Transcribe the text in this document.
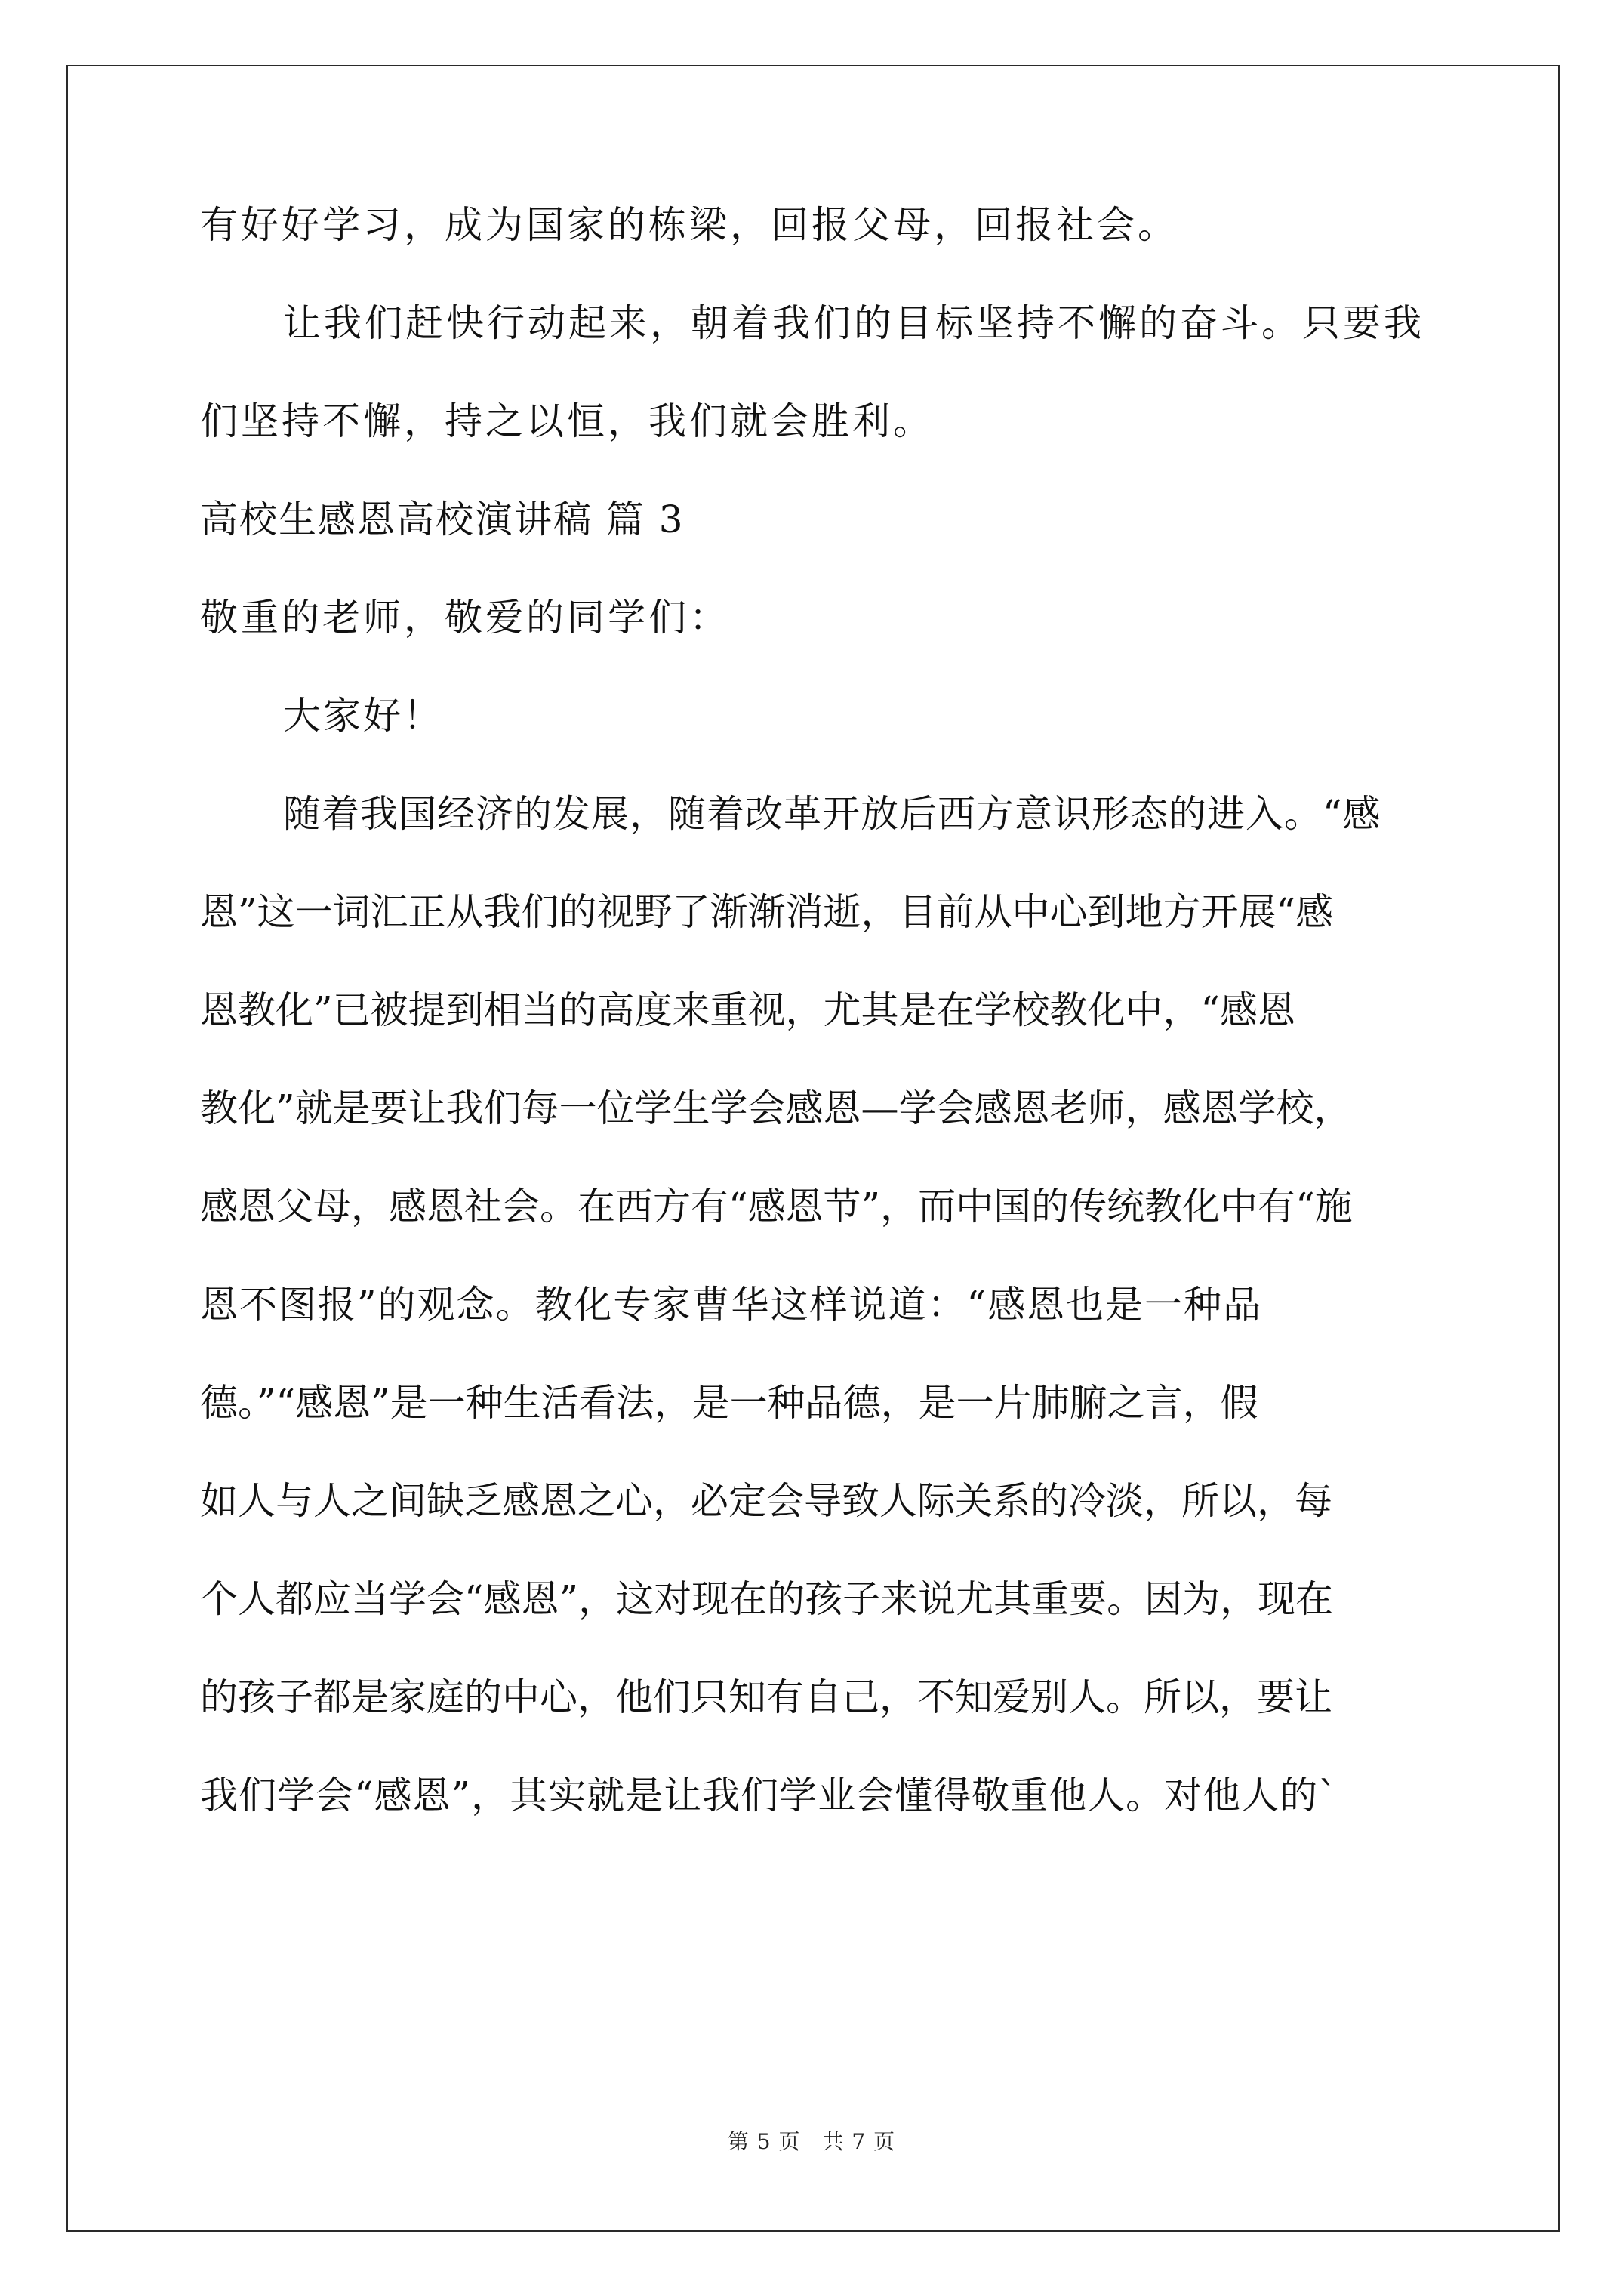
有好好学习，成为国家的栋梁，回报父母，回报社会。
让我们赶快行动起来，朝着我们的目标坚持不懈的奋斗。只要我
们坚持不懈，持之以恒，我们就会胜利。
高校生感恩高校演讲稿 篇 3
敬重的老师，敬爱的同学们：
大家好！
随着我国经济的发展，随着改革开放后西方意识形态的进入。“感
恩”这一词汇正从我们的视野了渐渐消逝，目前从中心到地方开展“感
恩教化”已被提到相当的高度来重视，尤其是在学校教化中，“感恩
教化”就是要让我们每一位学生学会感恩—学会感恩老师，感恩学校，
感恩父母，感恩社会。在西方有“感恩节”，而中国的传统教化中有“施
恩不图报”的观念。教化专家曹华这样说道：“感恩也是一种品
德。”“感恩”是一种生活看法，是一种品德，是一片肺腑之言，假
如人与人之间缺乏感恩之心，必定会导致人际关系的冷淡，所以，每
个人都应当学会“感恩”，这对现在的孩子来说尤其重要。因为，现在
的孩子都是家庭的中心，他们只知有自己，不知爱别人。所以，要让
我们学会“感恩”，其实就是让我们学业会懂得敬重他人。对他人的`
第 5 页　共 7 页
